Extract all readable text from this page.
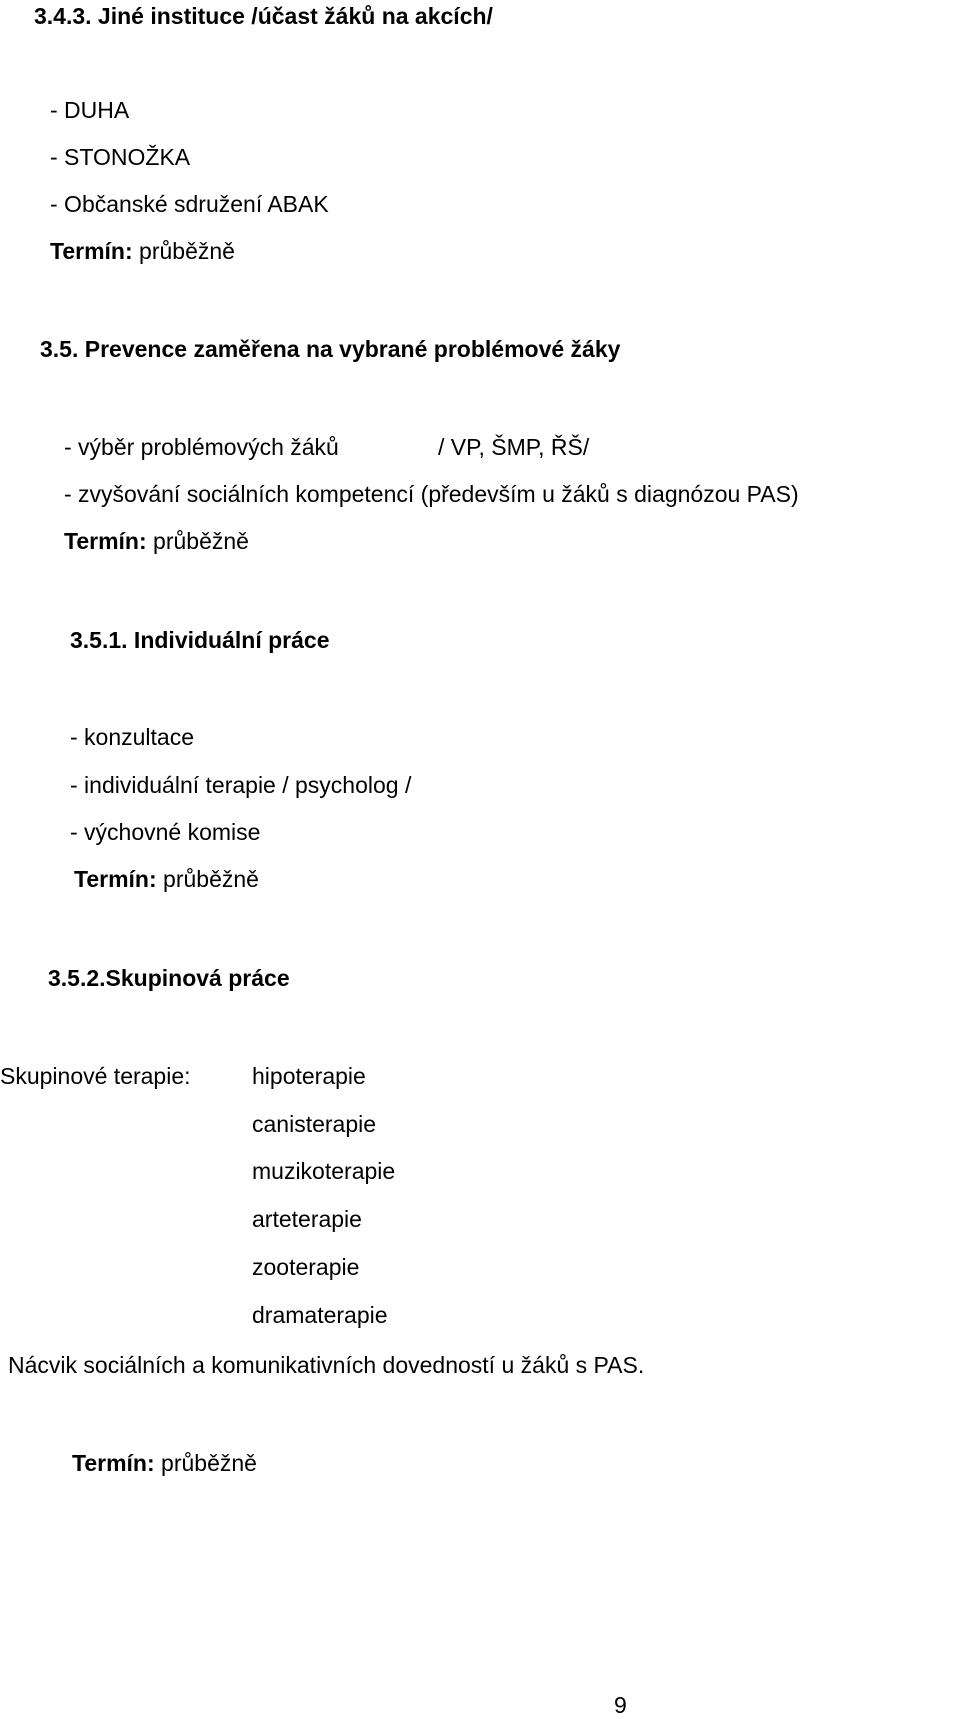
3.4.3. Jiné instituce /účast žáků na akcích/
- DUHA
- STONOŽKA
- Občanské sdružení ABAK
Termín: průběžně
3.5. Prevence zaměřena na vybrané problémové žáky
- výběr problémových žáků	/ VP, ŠMP, ŘŠ/
- zvyšování sociálních kompetencí (především u žáků s diagnózou PAS)
Termín: průběžně
3.5.1. Individuální práce
- konzultace
- individuální terapie / psycholog /
- výchovné komise
Termín: průběžně
3.5.2.Skupinová práce
Skupinové terapie:	hipoterapie
canisterapie
muzikoterapie
arteterapie
zooterapie
dramaterapie
Nácvik sociálních a komunikativních dovedností u žáků s PAS.
Termín: průběžně
9
